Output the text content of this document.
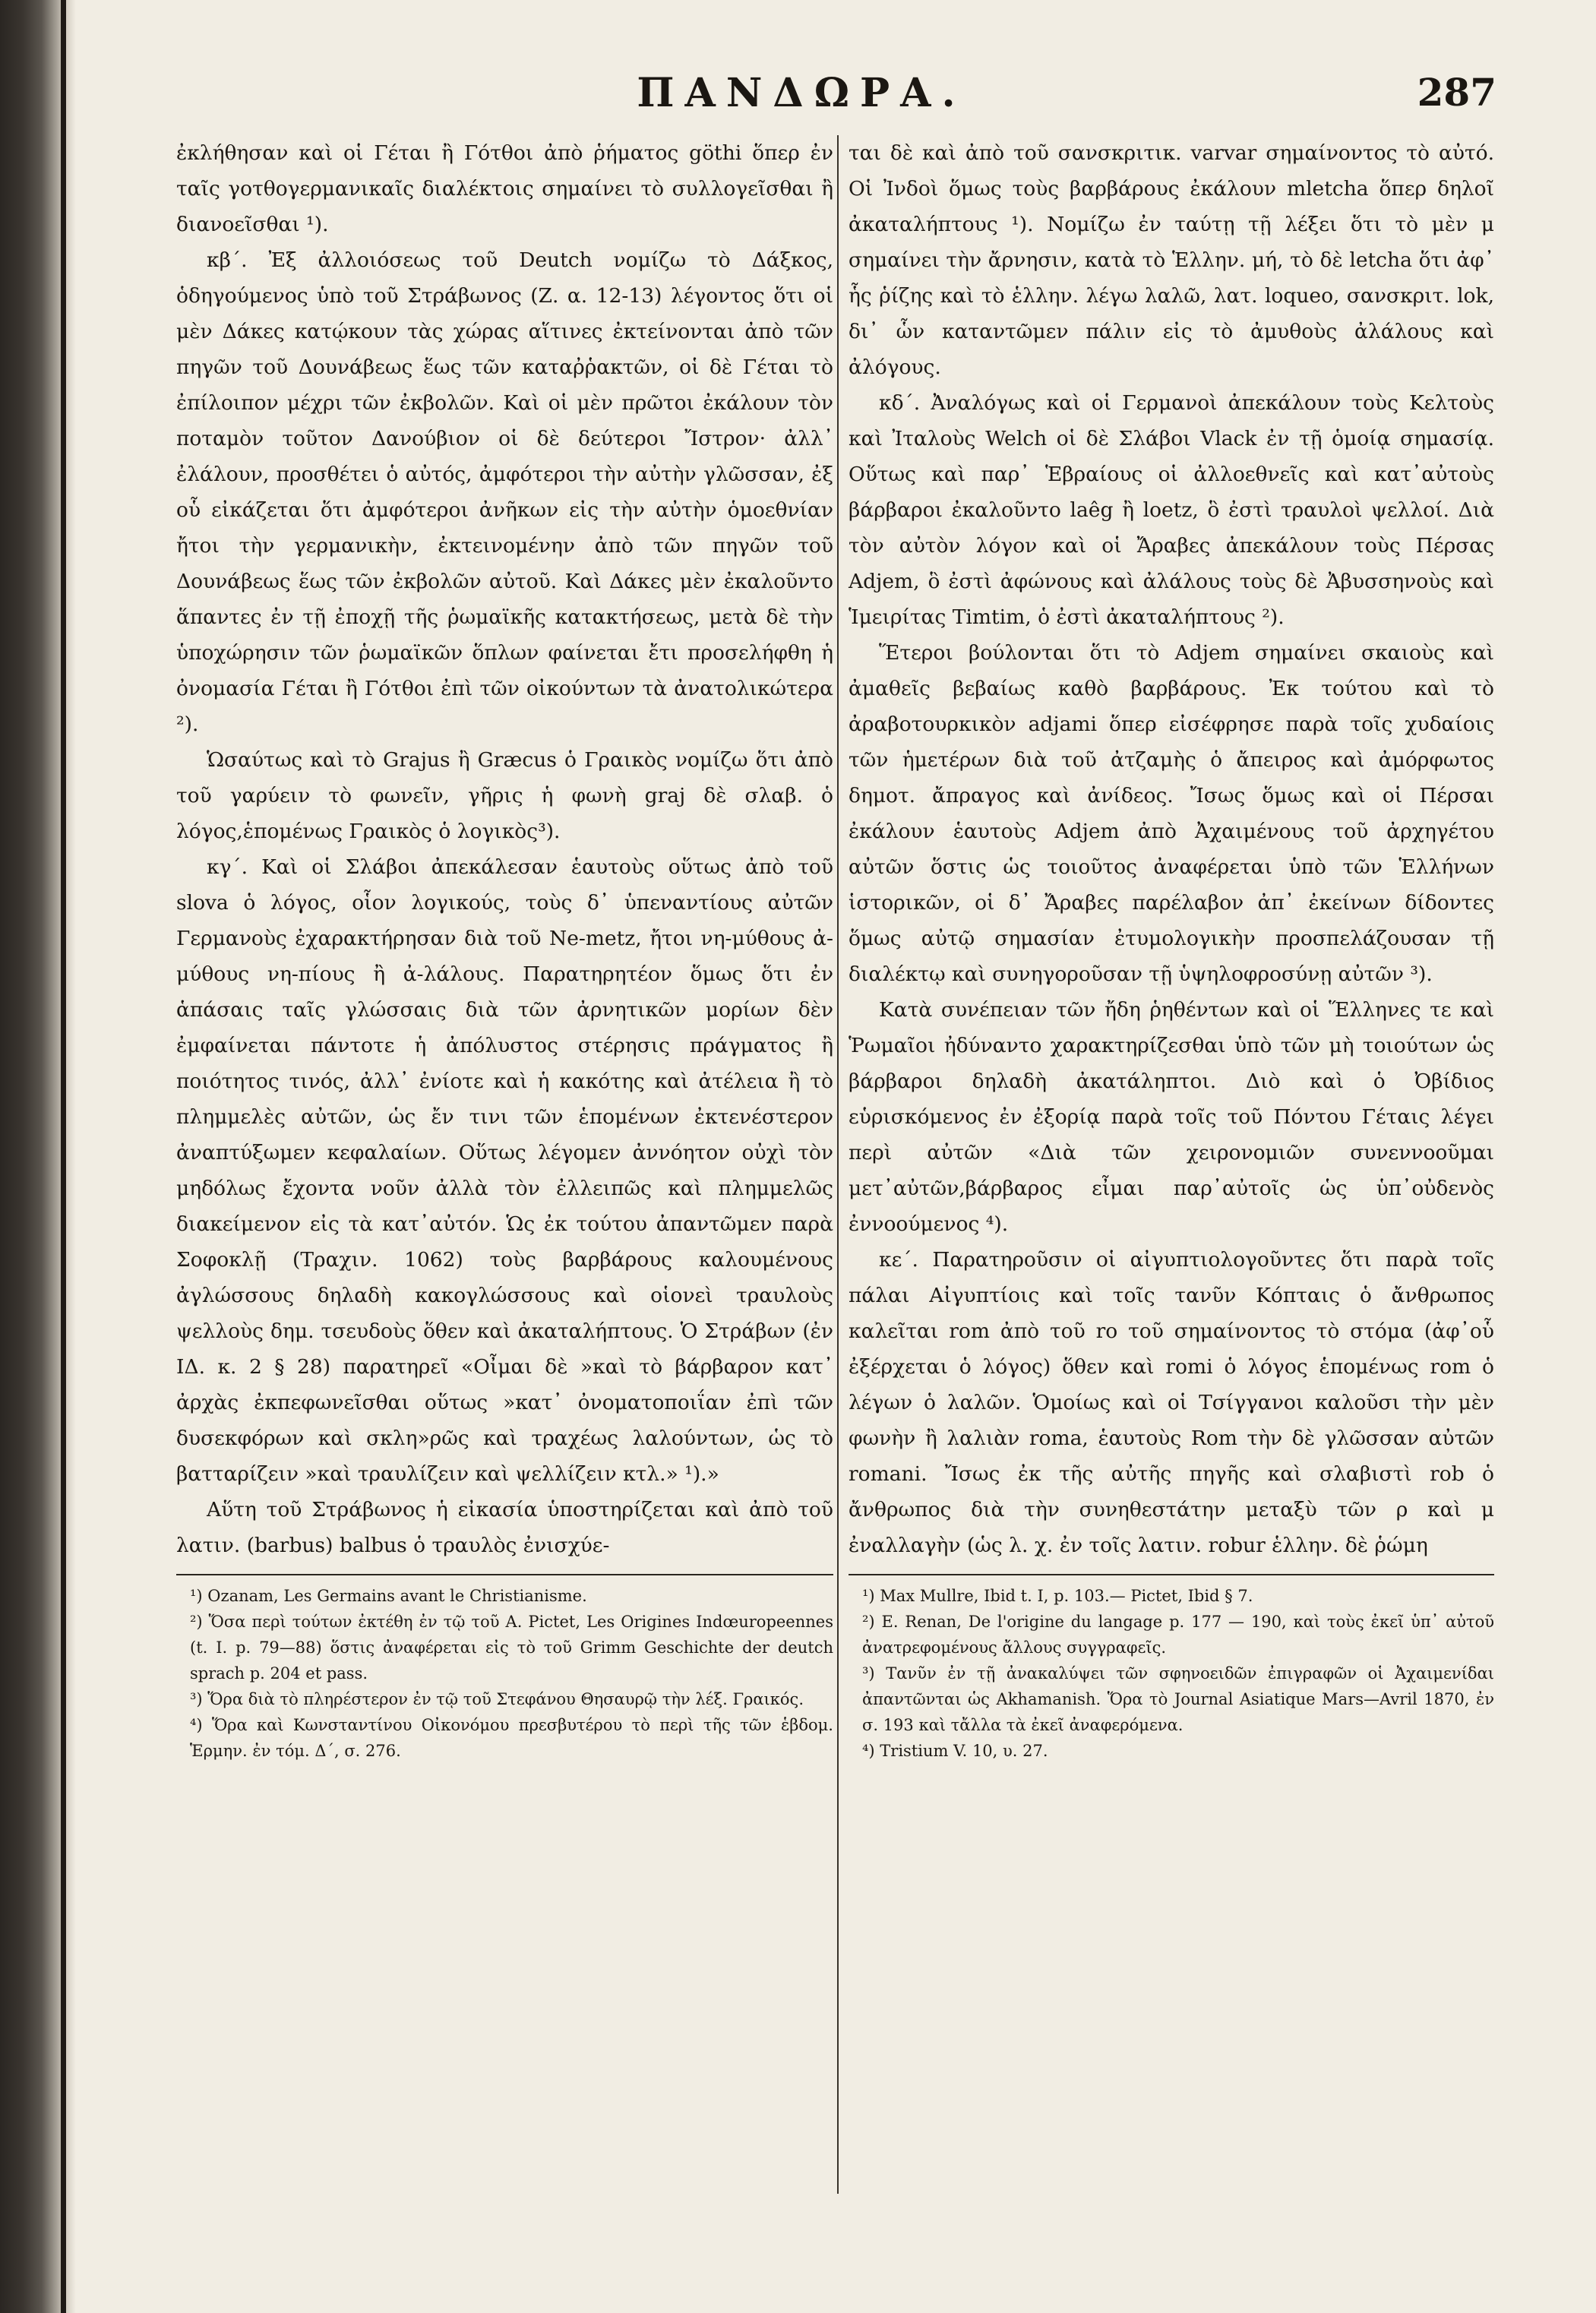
ΠΑΝΔΩΡΑ.	287

ἐκλήθησαν καὶ οἱ Γέται ἢ Γότθοι ἀπὸ ῥήματος göthi ὅπερ ἐν ταῖς γοτθογερμανικαῖς διαλέκτοις σημαίνει τὸ συλλογεῖσθαι ἢ διανοεῖσθαι ¹).

κβ΄. Ἐξ ἀλλοιόσεως τοῦ Deutch νομίζω τὸ Δάξκος, ὁδηγούμενος ὑπὸ τοῦ Στράβωνος (Ζ. α. 12-13) λέγοντος ὅτι οἱ μὲν Δάκες κατῴκουν τὰς χώρας αἵτινες ἐκτείνονται ἀπὸ τῶν πηγῶν τοῦ Δουνάβεως ἕως τῶν καταῤῥακτῶν, οἱ δὲ Γέται τὸ ἐπίλοιπον μέχρι τῶν ἐκβολῶν. Καὶ οἱ μὲν πρῶτοι ἐκάλουν τὸν ποταμὸν τοῦτον Δανούβιον οἱ δὲ δεύτεροι Ἴστρον· ἀλλ᾽ ἐλάλουν, προσθέτει ὁ αὐτός, ἀμφότεροι τὴν αὐτὴν γλῶσσαν, ἐξ οὗ εἰκάζεται ὅτι ἀμφότεροι ἀνῆκων εἰς τὴν αὐτὴν ὁμοεθνίαν ἤτοι τὴν γερμανικὴν, ἐκτεινομένην ἀπὸ τῶν πηγῶν τοῦ Δουνάβεως ἕως τῶν ἐκβολῶν αὐτοῦ. Καὶ Δάκες μὲν ἐκαλοῦντο ἅπαντες ἐν τῇ ἐποχῇ τῆς ῥωμαϊκῆς κατακτήσεως, μετὰ δὲ τὴν ὑποχώρησιν τῶν ῥωμαϊκῶν ὅπλων φαίνεται ἔτι προσελήφθη ἡ ὀνομασία Γέται ἢ Γότθοι ἐπὶ τῶν οἰκούντων τὰ ἀνατολικώτερα ²).

Ὡσαύτως καὶ τὸ Grajus ἢ Græcus ὁ Γραικὸς νομίζω ὅτι ἀπὸ τοῦ γαρύειν τὸ φωνεῖν, γῆρις ἡ φωνὴ graj δὲ σλαβ. ὁ λόγος,ἑπομένως Γραικὸς ὁ λογικὸς³).

κγ΄. Καὶ οἱ Σλάβοι ἀπεκάλεσαν ἑαυτοὺς οὕτως ἀπὸ τοῦ slova ὁ λόγος, οἷον λογικούς, τοὺς δ᾽ ὑπεναντίους αὐτῶν Γερμανοὺς ἐχαρακτήρησαν διὰ τοῦ Ne-metz, ἤτοι νη-μύθους ἀ-μύθους νη-πίους ἢ ἀ-λάλους. Παρατηρητέον ὅμως ὅτι ἐν ἁπάσαις ταῖς γλώσσαις διὰ τῶν ἀρνητικῶν μορίων δὲν ἐμφαίνεται πάντοτε ἡ ἀπόλυστος στέρησις πράγματος ἢ ποιότητος τινός, ἀλλ᾽ ἐνίοτε καὶ ἡ κακότης καὶ ἀτέλεια ἢ τὸ πλημμελὲς αὐτῶν, ὡς ἔν τινι τῶν ἑπομένων ἐκτενέστερον ἀναπτύξωμεν κεφαλαίων. Οὕτως λέγομεν ἀννόητον οὐχὶ τὸν μηδόλως ἔχοντα νοῦν ἀλλὰ τὸν ἐλλειπῶς καὶ πλημμελῶς διακείμενον εἰς τὰ κατ᾽αὐτόν. Ὡς ἐκ τούτου ἀπαντῶμεν παρὰ Σοφοκλῇ (Τραχιν. 1062) τοὺς βαρβάρους καλουμένους ἀγλώσσους δηλαδὴ κακογλώσσους καὶ οἱονεὶ τραυλοὺς ψελλοὺς δημ. τσευδοὺς ὅθεν καὶ ἀκαταλήπτους. Ὁ Στράβων (ἐν ΙΔ. κ. 2 § 28) παρατηρεῖ «Οἶμαι δὲ »καὶ τὸ βάρβαρον κατ᾽ ἀρχὰς ἐκπεφωνεῖσθαι οὕτως »κατ᾽ ὀνοματοποιΐαν ἐπὶ τῶν δυσεκφόρων καὶ σκλη»ρῶς καὶ τραχέως λαλούντων, ὡς τὸ βατταρίζειν »καὶ τραυλίζειν καὶ ψελλίζειν κτλ.» ¹).»

Αὕτη τοῦ Στράβωνος ἡ εἰκασία ὑποστηρίζεται καὶ ἀπὸ τοῦ λατιν. (barbus) balbus ὁ τραυλὸς ἐνισχύε-

¹) Ozanam, Les Germains avant le Christianisme.

²) Ὅσα περὶ τούτων ἐκτέθη ἐν τῷ τοῦ A. Pictet, Les Origines Indœuropeennes (t. I. p. 79—88) ὅστις ἀναφέρεται εἰς τὸ τοῦ Grimm Geschichte der deutch sprach p. 204 et pass.

³) Ὅρα διὰ τὸ πληρέστερον ἐν τῷ τοῦ Στεφάνου Θησαυρῷ τὴν λέξ. Γραικός.

⁴) Ὅρα καὶ Κωνσταντίνου Οἰκονόμου πρεσβυτέρου τὸ περὶ τῆς τῶν ἑβδομ. Ἑρμην. ἐν τόμ. Δ΄, σ. 276.

ται δὲ καὶ ἀπὸ τοῦ σανσκριτικ. varvar σημαίνοντος τὸ αὐτό. Οἱ Ἰνδοὶ ὅμως τοὺς βαρβάρους ἐκάλουν mletcha ὅπερ δηλοῖ ἀκαταλήπτους ¹). Νομίζω ἐν ταύτῃ τῇ λέξει ὅτι τὸ μὲν μ σημαίνει τὴν ἄρνησιν, κατὰ τὸ Ἑλλην. μή, τὸ δὲ letcha ὅτι ἀφ᾽ ἧς ῥίζης καὶ τὸ ἑλλην. λέγω λαλῶ, λατ. loqueo, σανσκριτ. lok, δι᾽ ὧν καταντῶμεν πάλιν εἰς τὸ ἀμυθοὺς ἀλάλους καὶ ἀλόγους.

κδ΄. Ἀναλόγως καὶ οἱ Γερμανοὶ ἀπεκάλουν τοὺς Κελτοὺς καὶ Ἰταλοὺς Welch οἱ δὲ Σλάβοι Vlack ἐν τῇ ὁμοίᾳ σημασίᾳ. Οὕτως καὶ παρ᾽ Ἑβραίους οἱ ἀλλοεθνεῖς καὶ κατ᾽αὐτοὺς βάρβαροι ἐκαλοῦντο laêg ἢ loetz, ὃ ἐστὶ τραυλοὶ ψελλοί. Διὰ τὸν αὐτὸν λόγον καὶ οἱ Ἄραβες ἀπεκάλουν τοὺς Πέρσας Adjem, ὃ ἐστὶ ἀφώνους καὶ ἀλάλους τοὺς δὲ Ἀβυσσηνοὺς καὶ Ἱμειρίτας Timtim, ὁ ἐστὶ ἀκαταλήπτους ²).

Ἕτεροι βούλονται ὅτι τὸ Adjem σημαίνει σκαιοὺς καὶ ἀμαθεῖς βεβαίως καθὸ βαρβάρους. Ἐκ τούτου καὶ τὸ ἀραβοτουρκικὸν adjami ὅπερ εἰσέφρησε παρὰ τοῖς χυδαίοις τῶν ἡμετέρων διὰ τοῦ ἀτζαμὴς ὁ ἄπειρος καὶ ἀμόρφωτος δημοτ. ἄπραγος καὶ ἀνίδεος. Ἴσως ὅμως καὶ οἱ Πέρσαι ἐκάλουν ἑαυτοὺς Adjem ἀπὸ Ἀχαιμένους τοῦ ἀρχηγέτου αὐτῶν ὅστις ὡς τοιοῦτος ἀναφέρεται ὑπὸ τῶν Ἑλλήνων ἱστορικῶν, οἱ δ᾽ Ἄραβες παρέλαβον ἀπ᾽ ἐκείνων δίδοντες ὅμως αὐτῷ σημασίαν ἐτυμολογικὴν προσπελάζουσαν τῇ διαλέκτῳ καὶ συνηγοροῦσαν τῇ ὑψηλοφροσύνῃ αὐτῶν ³).

Κατὰ συνέπειαν τῶν ἤδη ῥηθέντων καὶ οἱ Ἕλληνες τε καὶ Ῥωμαῖοι ἠδύναντο χαρακτηρίζεσθαι ὑπὸ τῶν μὴ τοιούτων ὡς βάρβαροι δηλαδὴ ἀκατάληπτοι. Διὸ καὶ ὁ Ὀβίδιος εὑρισκόμενος ἐν ἐξορίᾳ παρὰ τοῖς τοῦ Πόντου Γέταις λέγει περὶ αὐτῶν «Διὰ τῶν χειρονομιῶν συνεννοοῦμαι μετ᾽αὐτῶν,βάρβαρος εἶμαι παρ᾽αὐτοῖς ὡς ὑπ᾽οὐδενὸς ἐννοούμενος ⁴).

κε΄. Παρατηροῦσιν οἱ αἰγυπτιολογοῦντες ὅτι παρὰ τοῖς πάλαι Αἰγυπτίοις καὶ τοῖς τανῦν Κόπταις ὁ ἄνθρωπος καλεῖται rom ἀπὸ τοῦ ro τοῦ σημαίνοντος τὸ στόμα (ἀφ᾽οὗ ἐξέρχεται ὁ λόγος) ὅθεν καὶ romi ὁ λόγος ἑπομένως rom ὁ λέγων ὁ λαλῶν. Ὁμοίως καὶ οἱ Τσίγγανοι καλοῦσι τὴν μὲν φωνὴν ἢ λαλιὰν roma, ἑαυτοὺς Rom τὴν δὲ γλῶσσαν αὐτῶν romani. Ἴσως ἐκ τῆς αὐτῆς πηγῆς καὶ σλαβιστὶ rob ὁ ἄνθρωπος διὰ τὴν συνηθεστάτην μεταξὺ τῶν ρ καὶ μ ἐναλλαγὴν (ὡς λ. χ. ἐν τοῖς λατιν. robur ἑλλην. δὲ ῥώμη

¹) Max Mullre, Ibid t. I, p. 103.— Pictet, Ibid § 7.

²) E. Renan, De l'origine du langage p. 177 — 190, καὶ τοὺς ἐκεῖ ὑπ᾽ αὐτοῦ ἀνατρεφομένους ἄλλους συγγραφεῖς.

³) Τανῦν ἐν τῇ ἀνακαλύψει τῶν σφηνοειδῶν ἐπιγραφῶν οἱ Ἀχαιμενίδαι ἀπαντῶνται ὡς Akhamanish. Ὅρα τὸ Journal Asiatique Mars—Avril 1870, ἐν σ. 193 καὶ τἄλλα τὰ ἐκεῖ ἀναφερόμενα.

⁴) Tristium V. 10, υ. 27.
